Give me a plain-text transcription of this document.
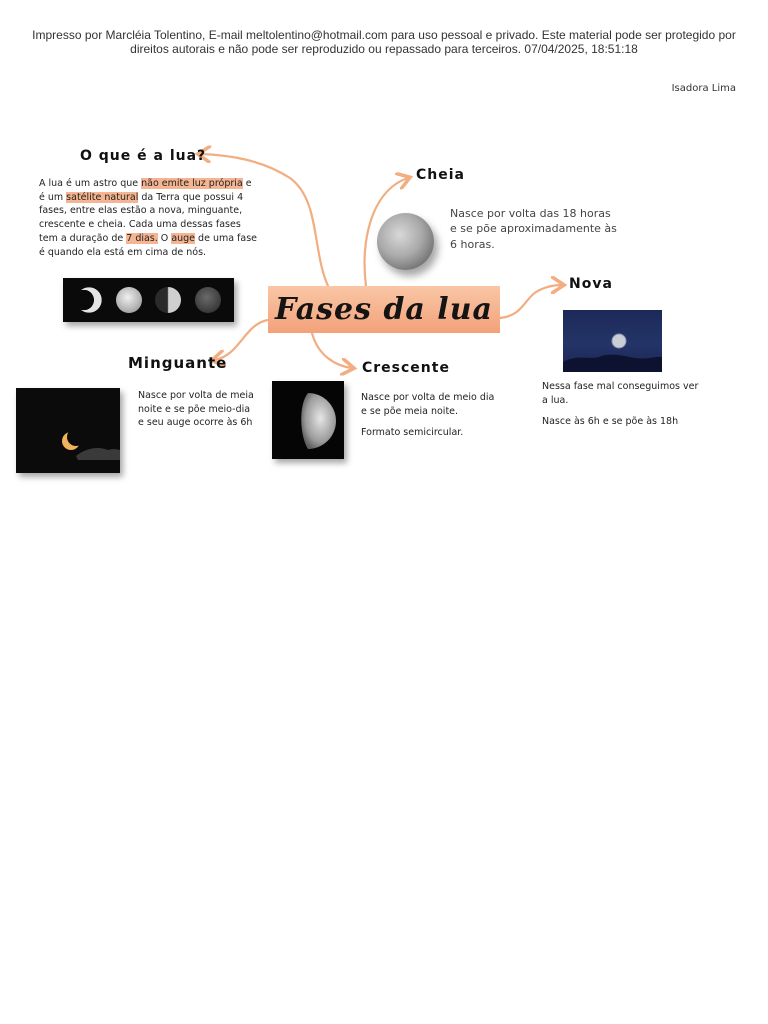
Impresso por Marcléia Tolentino, E-mail meltolentino@hotmail.com para uso pessoal e privado. Este material pode ser protegido por
direitos autorais e não pode ser reproduzido ou repassado para terceiros. 07/04/2025, 18:51:18
Isadora Lima
Fases da lua
O que é a lua?
A lua é um astro que não emite luz própria e é um satélite natural da Terra que possui 4 fases, entre elas estão a nova, minguante, crescente e cheia. Cada uma dessas fases tem a duração de 7 dias. O auge de uma fase é quando ela está em cima de nós.
Cheia
Nasce por volta das 18 horas e se põe aproximadamente às 6 horas.
Nova
Nessa fase mal conseguimos ver a lua.
Nasce às 6h e se põe às 18h
Minguante
Nasce por volta de meia noite e se põe meio-dia e seu auge ocorre às 6h
Crescente
Nasce por volta de meio dia e se põe meia noite.
Formato semicircular.
